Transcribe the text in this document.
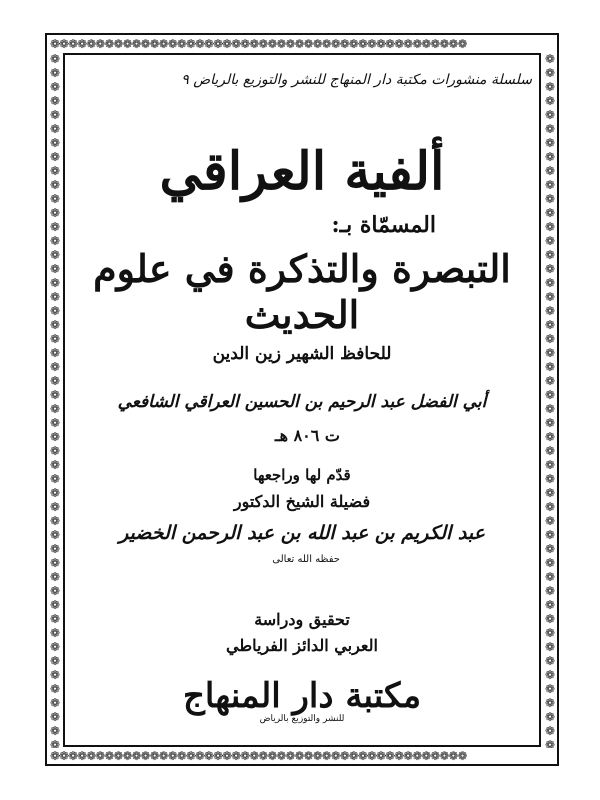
❁❁❁❁❁❁❁❁❁❁❁❁❁❁❁❁❁❁❁❁❁❁❁❁❁❁❁❁❁❁❁❁❁❁❁❁❁❁❁❁❁❁❁❁❁❁
❁❁❁❁❁❁❁❁❁❁❁❁❁❁❁❁❁❁❁❁❁❁❁❁❁❁❁❁❁❁❁❁❁❁❁❁❁❁❁❁❁❁❁❁❁❁
❁❁❁❁❁❁❁❁❁❁❁❁❁❁❁❁❁❁❁❁❁❁❁❁❁❁❁❁❁❁❁❁❁❁❁❁❁❁❁❁❁❁❁❁❁❁❁❁❁❁
❁❁❁❁❁❁❁❁❁❁❁❁❁❁❁❁❁❁❁❁❁❁❁❁❁❁❁❁❁❁❁❁❁❁❁❁❁❁❁❁❁❁❁❁❁❁❁❁❁❁
سلسلة منشورات مكتبة دار المنهاج للنشر والتوزيع بالرياض ٩
ألفية العراقي
المسمّاة بـ:
التبصرة والتذكرة في علوم الحديث
للحافظ الشهير زين الدين
أبي الفضل عبد الرحيم بن الحسين العراقي الشافعي
ت ٨٠٦ هـ
قدّم لها وراجعها
فضيلة الشيخ الدكتور
عبد الكريم بن عبد الله بن عبد الرحمن الخضير
حفظه الله تعالى
تحقيق ودراسة
العربي الدائز الفرياطي
مكتبة دار المنهاج
للنشر والتوزيع بالرياض
